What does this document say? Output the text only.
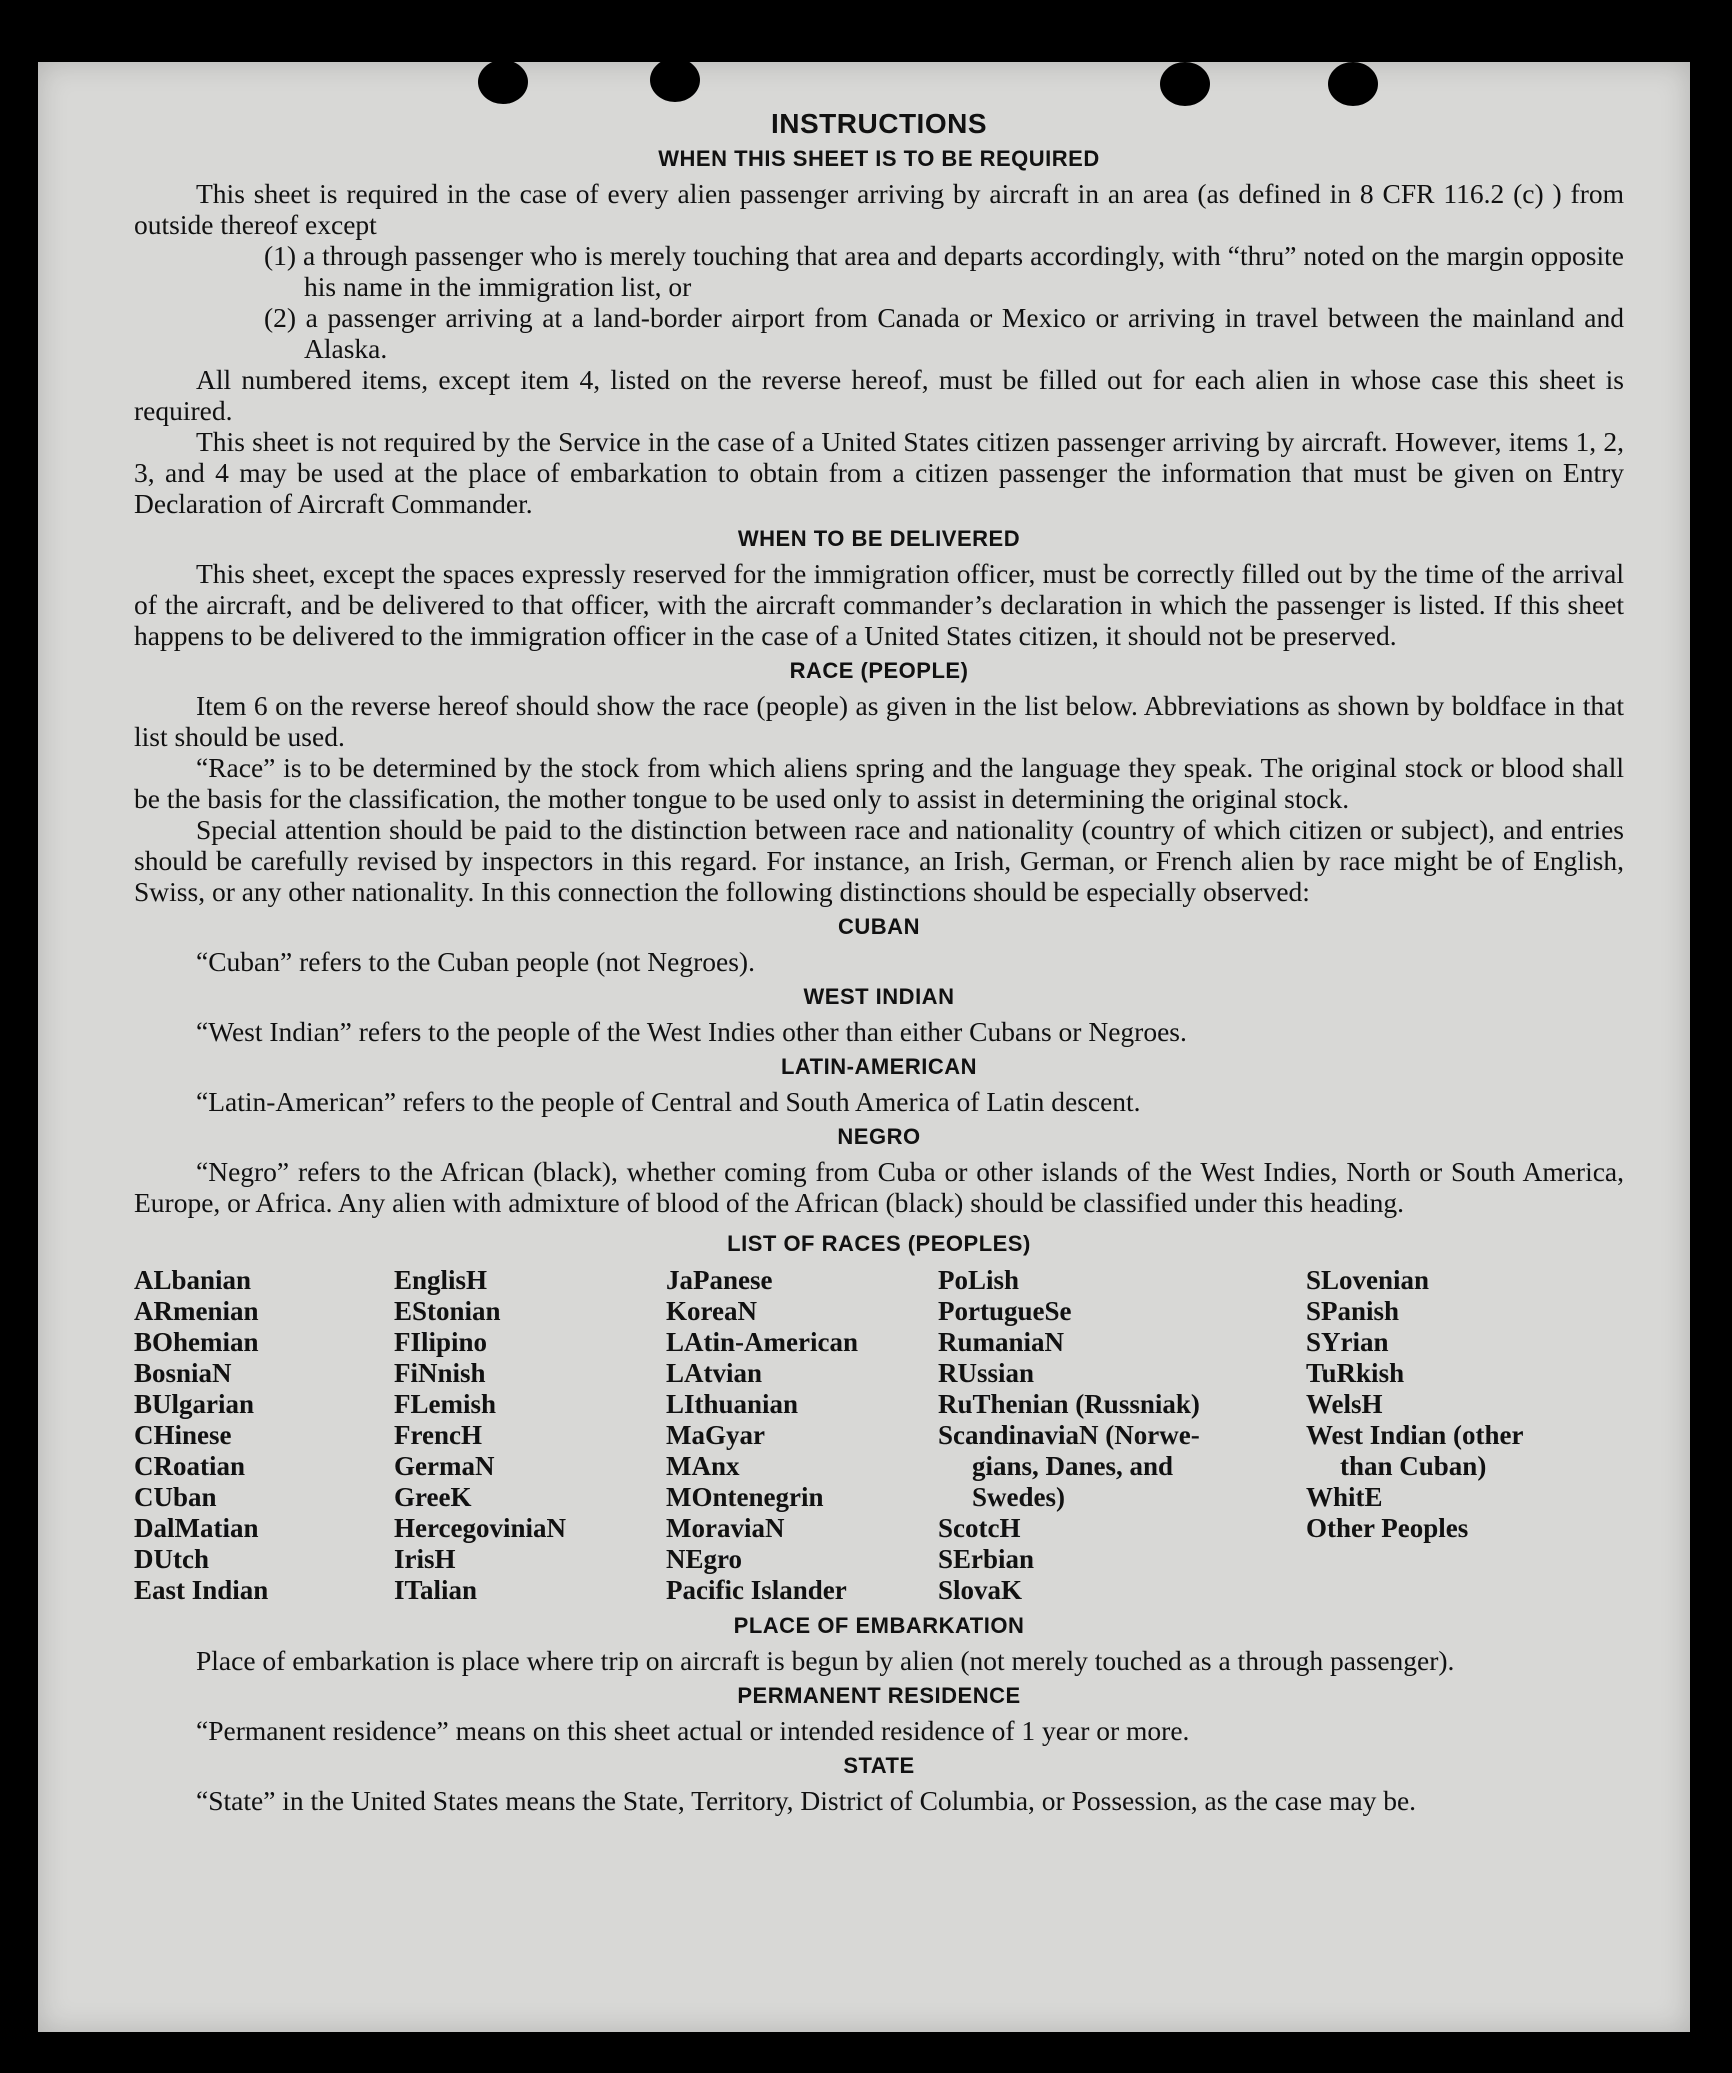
INSTRUCTIONS
WHEN THIS SHEET IS TO BE REQUIRED

This sheet is required in the case of every alien passenger arriving by aircraft in an area (as defined in 8 CFR 116.2 (c) ) from outside thereof except

(1) a through passenger who is merely touching that area and departs accordingly, with “thru” noted on the margin opposite his name in the immigration list, or

(2) a passenger arriving at a land-border airport from Canada or Mexico or arriving in travel between the mainland and Alaska.

All numbered items, except item 4, listed on the reverse hereof, must be filled out for each alien in whose case this sheet is required.

This sheet is not required by the Service in the case of a United States citizen passenger arriving by aircraft. However, items 1, 2, 3, and 4 may be used at the place of embarkation to obtain from a citizen passenger the information that must be given on Entry Declaration of Aircraft Commander.

WHEN TO BE DELIVERED

This sheet, except the spaces expressly reserved for the immigration officer, must be correctly filled out by the time of the arrival of the aircraft, and be delivered to that officer, with the aircraft commander’s declaration in which the passenger is listed. If this sheet happens to be delivered to the immigration officer in the case of a United States citizen, it should not be preserved.

RACE (PEOPLE)

Item 6 on the reverse hereof should show the race (people) as given in the list below. Abbreviations as shown by boldface in that list should be used.

“Race” is to be determined by the stock from which aliens spring and the language they speak. The original stock or blood shall be the basis for the classification, the mother tongue to be used only to assist in determining the original stock.

Special attention should be paid to the distinction between race and nationality (country of which citizen or subject), and entries should be carefully revised by inspectors in this regard. For instance, an Irish, German, or French alien by race might be of English, Swiss, or any other nationality. In this connection the following distinctions should be especially observed:

CUBAN

“Cuban” refers to the Cuban people (not Negroes).

WEST INDIAN

“West Indian” refers to the people of the West Indies other than either Cubans or Negroes.

LATIN-AMERICAN

“Latin-American” refers to the people of Central and South America of Latin descent.

NEGRO

“Negro” refers to the African (black), whether coming from Cuba or other islands of the West Indies, North or South America, Europe, or Africa. Any alien with admixture of blood of the African (black) should be classified under this heading.

LIST OF RACES (PEOPLES)
ALbanian
ARmenian
BOhemian
BosniaN
BUlgarian
CHinese
CRoatian
CUban
DalMatian
DUtch
East Indian
EnglisH
EStonian
FIlipino
FiNnish
FLemish
FrencH
GermaN
GreeK
HercegoviniaN
IrisH
ITalian
JaPanese
KoreaN
LAtin-American
LAtvian
LIthuanian
MaGyar
MAnx
MOntenegrin
MoraviaN
NEgro
Pacific Islander
PoLish
PortugueSe
RumaniaN
RUssian
RuThenian (Russniak)
ScandinaviaN (Norwe-
gians, Danes, and
Swedes)
ScotcH
SErbian
SlovaK
SLovenian
SPanish
SYrian
TuRkish
WelsH
West Indian (other
than Cuban)
WhitE
Other Peoples
PLACE OF EMBARKATION

Place of embarkation is place where trip on aircraft is begun by alien (not merely touched as a through passenger).

PERMANENT RESIDENCE

“Permanent residence” means on this sheet actual or intended residence of 1 year or more.

STATE

“State” in the United States means the State, Territory, District of Columbia, or Possession, as the case may be.
